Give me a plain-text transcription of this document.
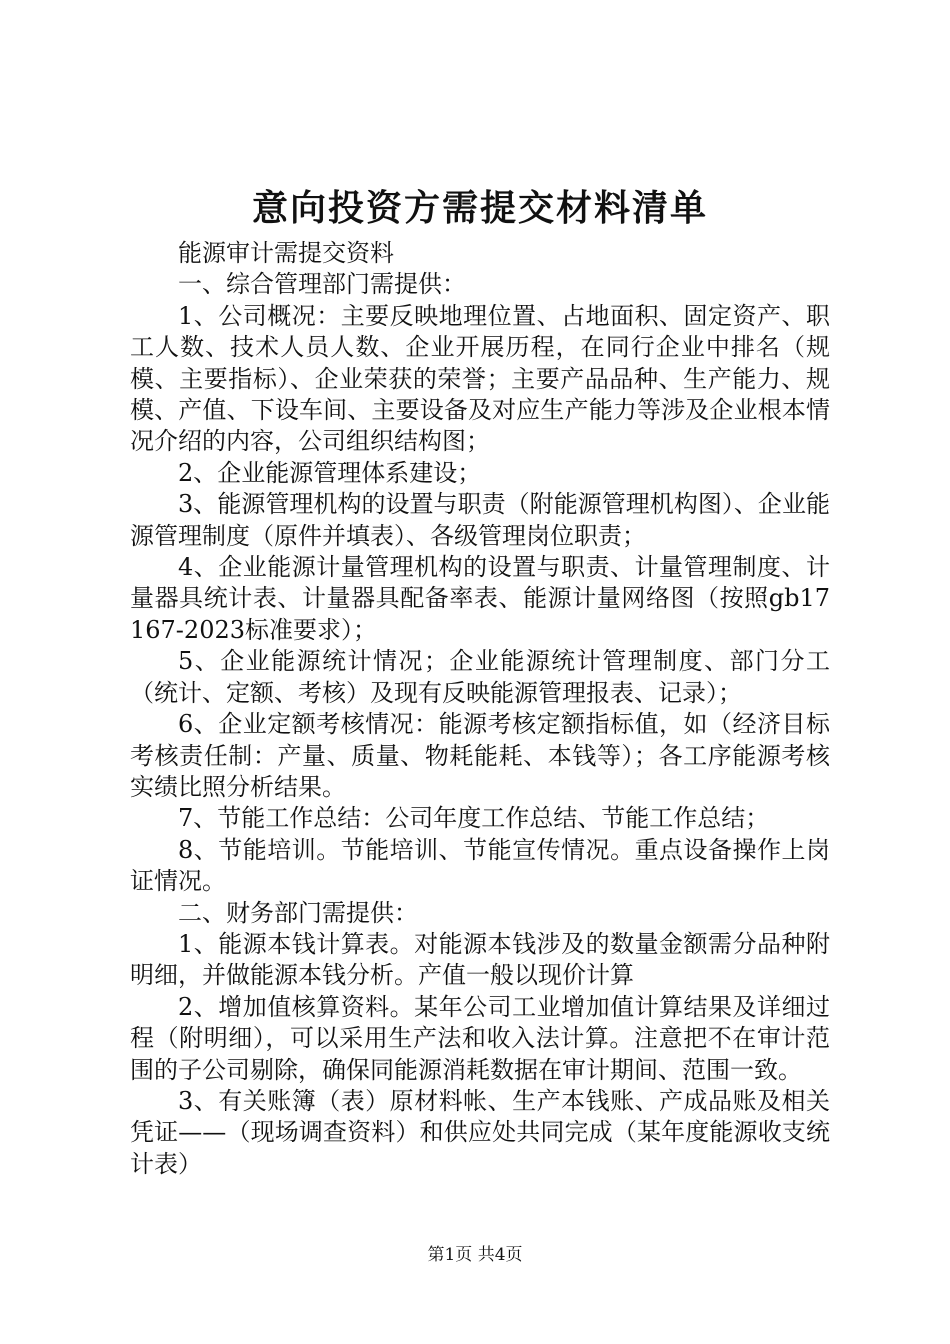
意向投资方需提交材料清单

能源审计需提交资料

一、综合管理部门需提供：

1、公司概况：主要反映地理位置、占地面积、固定资产、职工人数、技术人员人数、企业开展历程，在同行企业中排名（规模、主要指标）、企业荣获的荣誉；主要产品品种、生产能力、规模、产值、下设车间、主要设备及对应生产能力等涉及企业根本情况介绍的内容，公司组织结构图；

2、企业能源管理体系建设；

3、能源管理机构的设置与职责（附能源管理机构图）、企业能源管理制度（原件并填表）、各级管理岗位职责；

4、企业能源计量管理机构的设置与职责、计量管理制度、计量器具统计表、计量器具配备率表、能源计量网络图（按照gb17167-2023标准要求）；

5、企业能源统计情况；企业能源统计管理制度、部门分工（统计、定额、考核）及现有反映能源管理报表、记录）；

6、企业定额考核情况：能源考核定额指标值，如（经济目标考核责任制：产量、质量、物耗能耗、本钱等）；各工序能源考核实绩比照分析结果。

7、节能工作总结：公司年度工作总结、节能工作总结；

8、节能培训。节能培训、节能宣传情况。重点设备操作上岗证情况。

二、财务部门需提供：

1、能源本钱计算表。对能源本钱涉及的数量金额需分品种附明细，并做能源本钱分析。产值一般以现价计算

2、增加值核算资料。某年公司工业增加值计算结果及详细过程（附明细），可以采用生产法和收入法计算。注意把不在审计范围的子公司剔除，确保同能源消耗数据在审计期间、范围一致。

3、有关账簿（表）原材料帐、生产本钱账、产成品账及相关凭证——（现场调查资料）和供应处共同完成（某年度能源收支统计表）

第1页 共4页
